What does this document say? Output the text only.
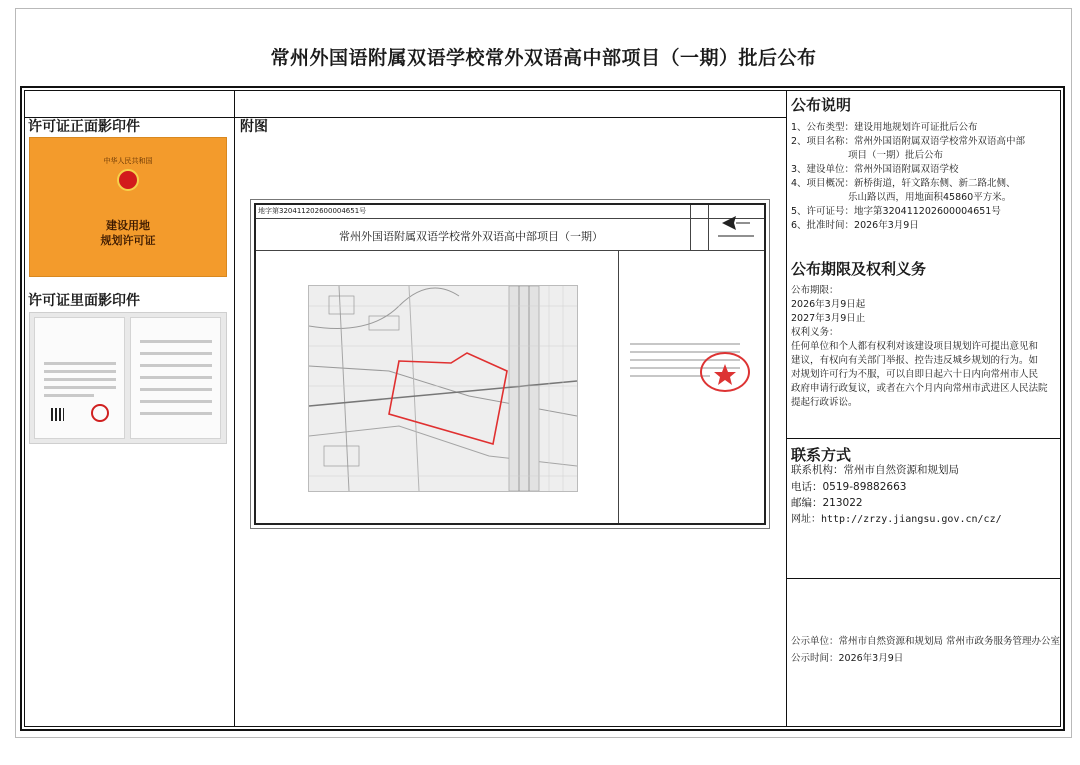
常州外国语附属双语学校常外双语高中部项目（一期）批后公布
许可证正面影印件
中华人民共和国
建设用地
规划许可证
许可证里面影印件
附图
地字第320411202600004651号
常州外国语附属双语学校常外双语高中部项目（一期）
公布说明
1、公布类型：建设用地规划许可证批后公布
2、项目名称：常州外国语附属双语学校常外双语高中部
　　　　　　项目（一期）批后公布
3、建设单位：常州外国语附属双语学校
4、项目概况：新桥街道，轩文路东侧、新二路北侧、
　　　　　　乐山路以西，用地面积45860平方米。
5、许可证号：地字第320411202600004651号
6、批准时间：2026年3月9日
公布期限及权利义务
公布期限：
2026年3月9日起
2027年3月9日止
权利义务：
任何单位和个人都有权利对该建设项目规划许可提出意见和
建议，有权向有关部门举报、控告违反城乡规划的行为。如
对规划许可行为不服，可以自即日起六十日内向常州市人民
政府申请行政复议，或者在六个月内向常州市武进区人民法院
提起行政诉讼。
联系方式
联系机构：常州市自然资源和规划局
电话：0519-89882663
邮编：213022
网址：http://zrzy.jiangsu.gov.cn/cz/
公示单位：常州市自然资源和规划局 常州市政务服务管理办公室
公示时间：2026年3月9日
